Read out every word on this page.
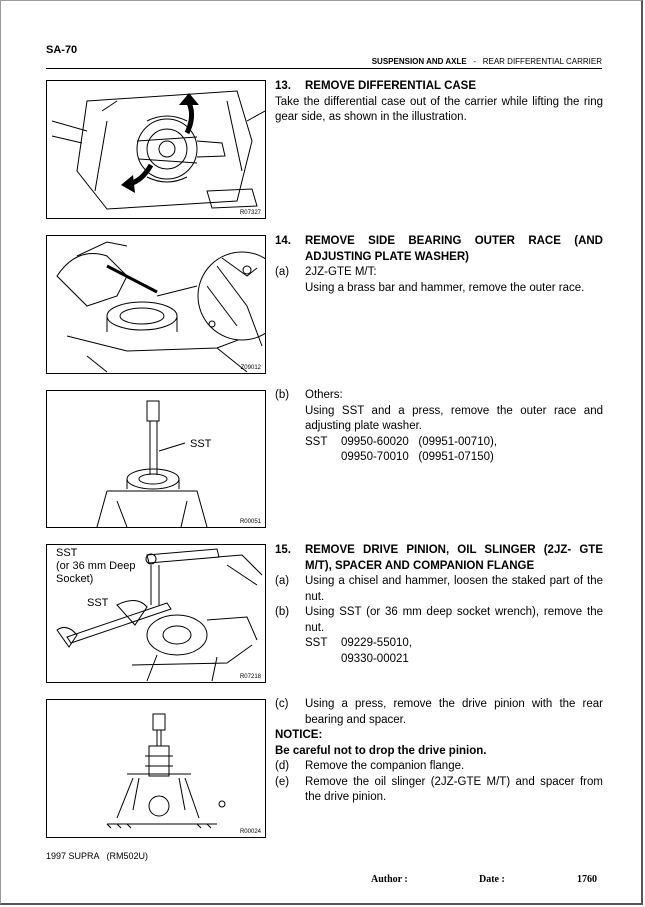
SA-70
SUSPENSION AND AXLE - REAR DIFFERENTIAL CARRIER
R07327
Z09012
SST
R00051
SST
(or 36 mm Deep
Socket)
SST
R07218
R00024
13.	REMOVE DIFFERENTIAL CASE
Take the differential case out of the carrier while lifting the ring gear side, as shown in the illustration.
14.	REMOVE SIDE BEARING OUTER RACE (AND ADJUSTING PLATE WASHER)
(a)	2JZ-GTE M/T:
Using a brass bar and hammer, remove the outer race.
(b)	Others:
Using SST and a press, remove the outer race and adjusting plate washer.
SST	09950-60020   (09951-00710),
09950-70010   (09951-07150)
15.	REMOVE DRIVE PINION, OIL SLINGER (2JZ- GTE M/T), SPACER AND COMPANION FLANGE
(a)	Using a chisel and hammer, loosen the staked part of the nut.
(b)	Using SST (or 36 mm deep socket wrench), remove the nut.
SST	09229-55010,
09330-00021
(c)	Using a press, remove the drive pinion with the rear bearing and spacer.
NOTICE:
Be careful not to drop the drive pinion.
(d)	Remove the companion flange.
(e)	Remove the oil slinger (2JZ-GTE M/T) and spacer from the drive pinion.
1997 SUPRA   (RM502U)
Author :	Date :	1760
